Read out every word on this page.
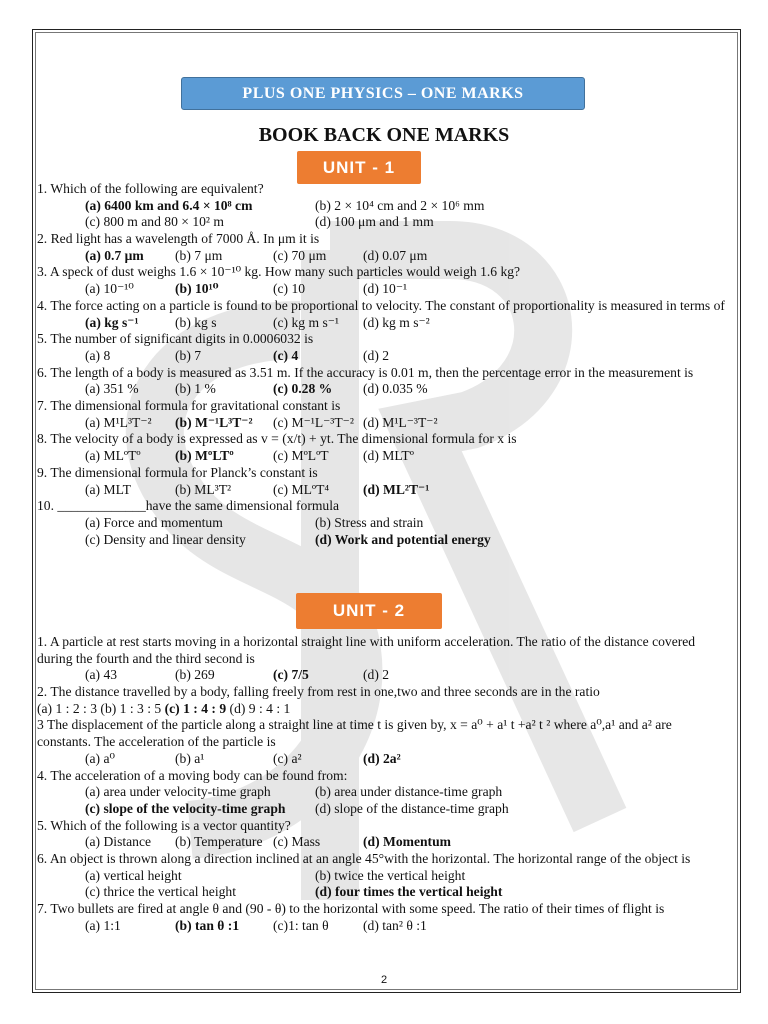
PLUS ONE PHYSICS – ONE MARKS
BOOK BACK ONE MARKS
UNIT - 1
UNIT - 2
1. Which of the following are equivalent?
(a) 6400 km and 6.4 × 10⁸ cm	(b) 2 × 10⁴ cm and 2 × 10⁶ mm
(c) 800 m and 80 × 10² m	(d) 100 μm and 1 mm
2. Red light has a wavelength of 7000 Å. In μm it is
(a) 0.7 μm (b) 7 μm	(c) 70 μm	(d) 0.07 μm
3. A speck of dust weighs 1.6 × 10⁻¹⁰ kg. How many such particles would weigh 1.6 kg?
(a) 10⁻¹⁰	(b) 10¹⁰	(c) 10	(d) 10⁻¹
4. The force acting on a particle is found to be proportional to velocity. The constant of proportionality is measured in terms of
(a) kg s⁻¹	(b) kg s	(c) kg m s⁻¹ (d) kg m s⁻²
5. The number of significant digits in 0.0006032 is
(a) 8	(b) 7	(c) 4	(d) 2
6. The length of a body is measured as 3.51 m. If the accuracy is 0.01 m, then the percentage error in the measurement is
(a) 351 %	(b) 1 %	(c) 0.28 % (d) 0.035 %
7. The dimensional formula for gravitational constant is
(a) M¹L³T⁻² (b) M⁻¹L³T⁻² (c) M⁻¹L⁻³T⁻² (d) M¹L⁻³T⁻²
8. The velocity of a body is expressed as v = (x/t) + yt. The dimensional formula for x is
(a) MLºTº	(b) MºLTº	(c) MºLºT	(d) MLTº
9. The dimensional formula for Planck’s constant is
(a) MLT	(b) ML³T²	(c) MLºT⁴ (d) ML²T⁻¹
10. _____________have the same dimensional formula
(a) Force and momentum	(b) Stress and strain
(c) Density and linear density	(d) Work and potential energy
1. A particle at rest starts moving in a horizontal straight line with uniform acceleration. The ratio of the distance covered during the fourth and the third second is
(a) 43	(b) 269	(c) 7/5	(d) 2
2. The distance travelled by a body, falling freely from rest in one,two and three seconds are in the ratio
(a) 1 : 2 : 3 (b) 1 : 3 : 5 (c) 1 : 4 : 9 (d) 9 : 4 : 1
3 The displacement of the particle along a straight line at time t is given by, x = a⁰ + a¹ t +a² t ² where a⁰,a¹ and a² are constants. The acceleration of the particle is
(a) a⁰	(b) a¹	(c) a²	(d) 2a²
4. The acceleration of a moving body can be found from:
(a) area under velocity-time graph	(b) area under distance-time graph
(c) slope of the velocity-time graph (d) slope of the distance-time graph
5. Which of the following is a vector quantity?
(a) Distance (b) Temperature (c) Mass	(d) Momentum
6. An object is thrown along a direction inclined at an angle 45°with the horizontal. The horizontal range of the object is
(a) vertical height	(b) twice the vertical height
(c) thrice the vertical height	(d) four times the vertical height
7. Two bullets are fired at angle θ and (90 - θ) to the horizontal with some speed. The ratio of their times of flight is
(a) 1:1	(b) tan θ :1 (c)1: tan θ	(d) tan² θ :1
2
